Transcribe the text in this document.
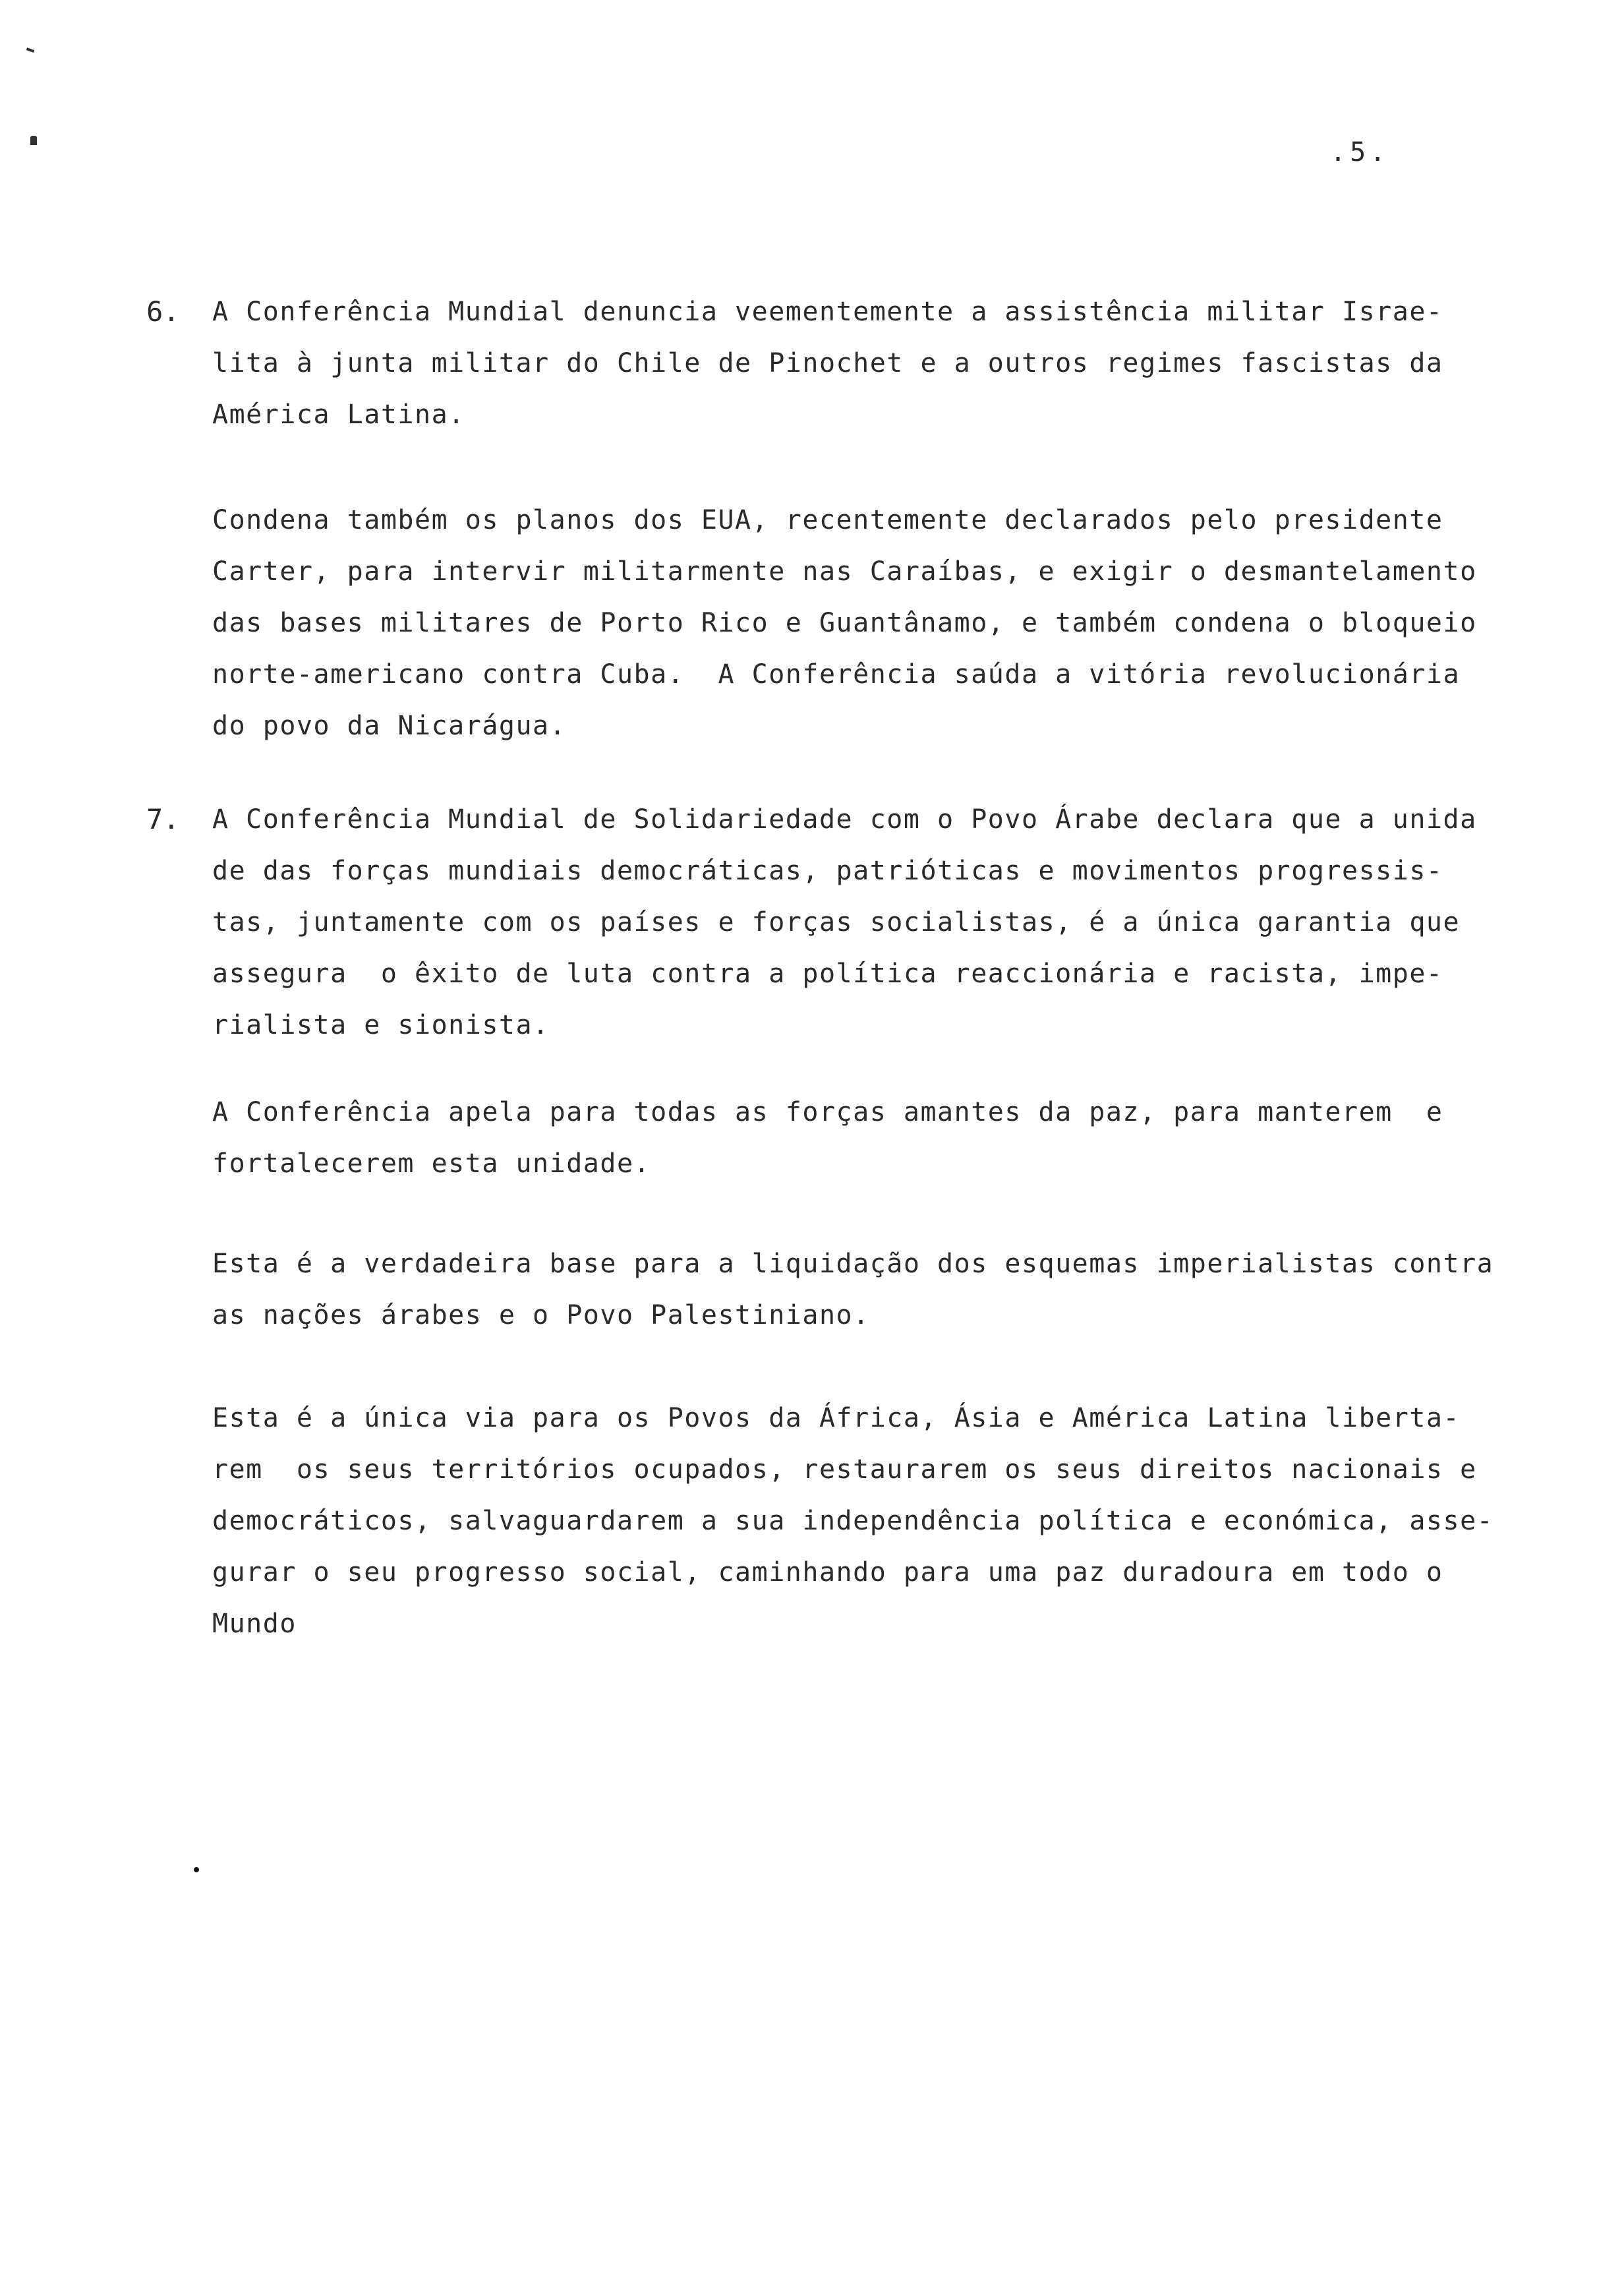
.5.
6. A Conferência Mundial denuncia veementemente a assistência militar Israe-
lita à junta militar do Chile de Pinochet e a outros regimes fascistas da
América Latina.
Condena também os planos dos EUA, recentemente declarados pelo presidente
Carter, para intervir militarmente nas Caraíbas, e exigir o desmantelamento
das bases militares de Porto Rico e Guantânamo, e também condena o bloqueio
norte-americano contra Cuba.  A Conferência saúda a vitória revolucionária
do povo da Nicarágua.
7. A Conferência Mundial de Solidariedade com o Povo Árabe declara que a unida
de das forças mundiais democráticas, patrióticas e movimentos progressis-
tas, juntamente com os países e forças socialistas, é a única garantia que
assegura  o êxito de luta contra a política reaccionária e racista, impe-
rialista e sionista.
A Conferência apela para todas as forças amantes da paz, para manterem  e
fortalecerem esta unidade.
Esta é a verdadeira base para a liquidação dos esquemas imperialistas contra
as nações árabes e o Povo Palestiniano.
Esta é a única via para os Povos da África, Ásia e América Latina liberta-
rem  os seus territórios ocupados, restaurarem os seus direitos nacionais e
democráticos, salvaguardarem a sua independência política e económica, asse-
gurar o seu progresso social, caminhando para uma paz duradoura em todo o
Mundo
